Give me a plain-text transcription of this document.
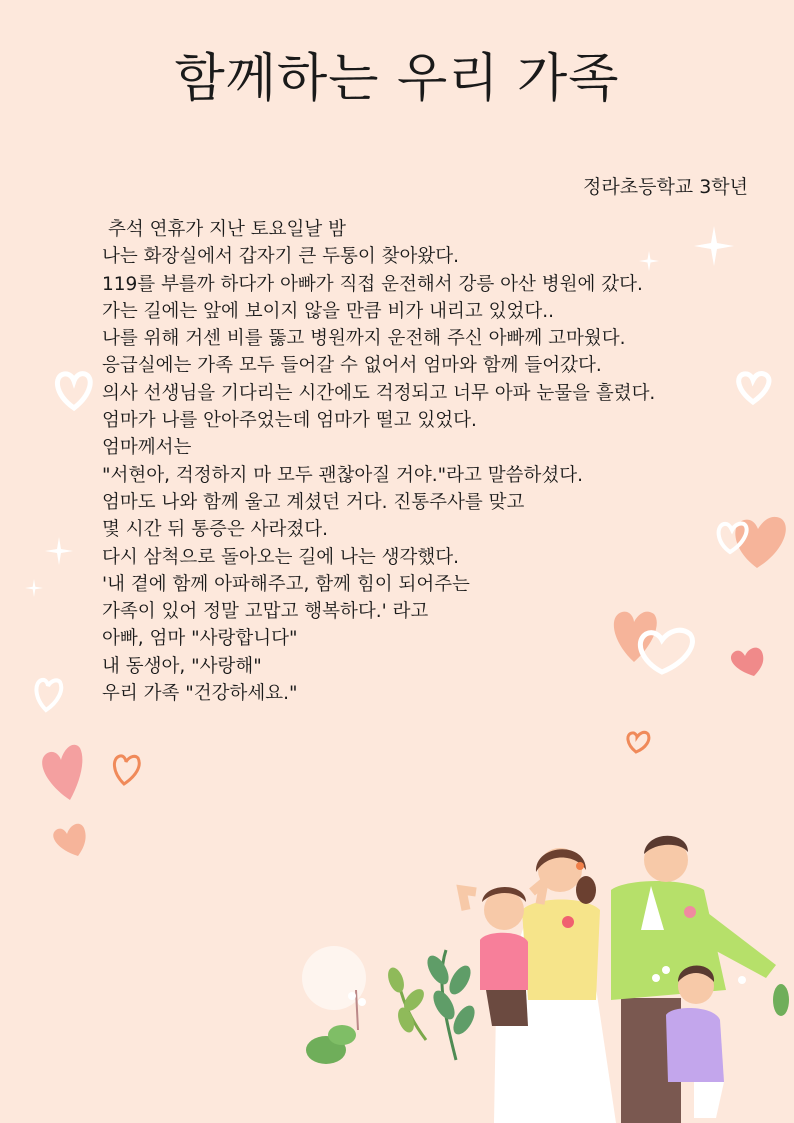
함께하는 우리 가족
정라초등학교 3학년
추석 연휴가 지난 토요일날 밤
나는 화장실에서 갑자기 큰 두통이 찾아왔다.
119를 부를까 하다가 아빠가 직접 운전해서 강릉 아산 병원에 갔다.
가는 길에는 앞에 보이지 않을 만큼 비가 내리고 있었다..
나를 위해 거센 비를 뚫고 병원까지 운전해 주신 아빠께 고마웠다.
응급실에는 가족 모두 들어갈 수 없어서 엄마와 함께 들어갔다.
의사 선생님을 기다리는 시간에도 걱정되고 너무 아파 눈물을 흘렸다.
엄마가 나를 안아주었는데 엄마가 떨고 있었다.
엄마께서는
"서현아, 걱정하지 마 모두 괜찮아질 거야."라고 말씀하셨다.
엄마도 나와 함께 울고 계셨던 거다. 진통주사를 맞고
몇 시간 뒤 통증은 사라졌다.
다시 삼척으로 돌아오는 길에 나는 생각했다.
'내 곁에 함께 아파해주고, 함께 힘이 되어주는
가족이 있어 정말 고맙고 행복하다.' 라고
아빠, 엄마 "사랑합니다"
내 동생아, "사랑해"
우리 가족 "건강하세요."
